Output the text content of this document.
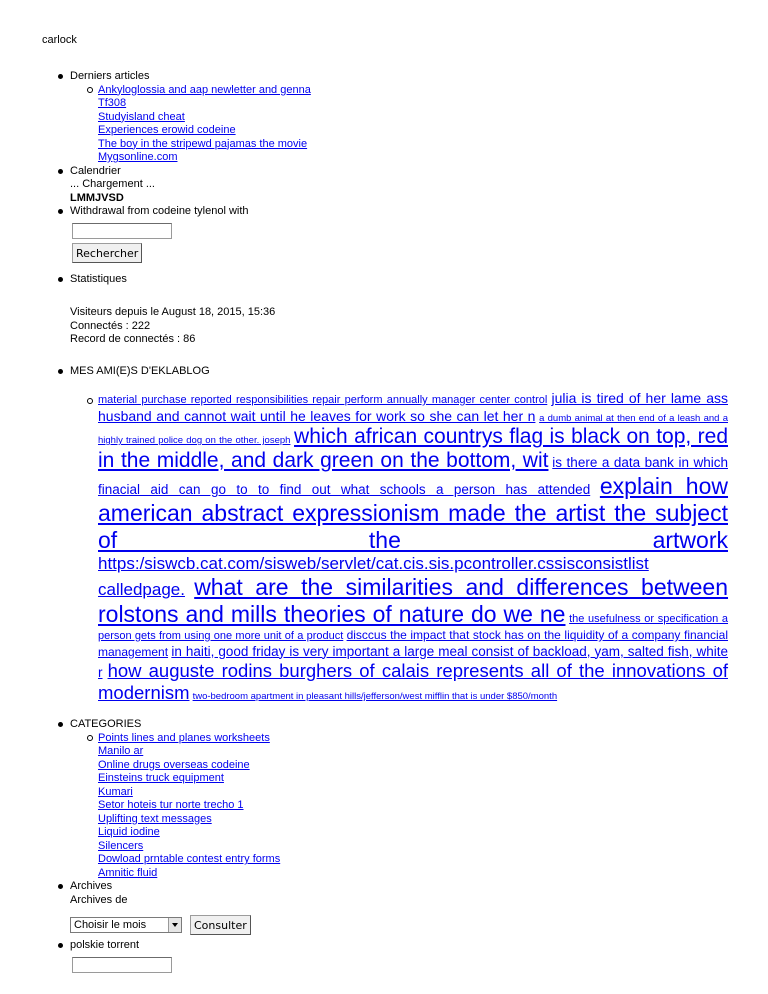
carlock
Derniers articles
Ankyloglossia and aap newletter and genna
Tf308
Studyisland cheat
Experiences erowid codeine
The boy in the stripewd pajamas the movie
Mygsonline.com
Calendrier
... Chargement ...
LMMJVSD
Withdrawal from codeine tylenol with
Rechercher
Statistiques
Visiteurs depuis le August 18, 2015, 15:36
Connectés : 222
Record de connectés : 86
MES AMI(E)S D'EKLABLOG
material purchase reported responsibilities repair perform annually manager center control julia is tired of her lame ass husband and cannot wait until he leaves for work so she can let her n a dumb animal at then end of a leash and a highly trained police dog on the other. joseph which african countrys flag is black on top, red in the middle, and dark green on the bottom, wit is there a data bank in which finacial aid can go to to find out what schools a person has attended explain how american abstract expressionism made the artist the subject of the artwork https:/siswcb.cat.com/sisweb/servlet/cat.cis.sis.pcontroller.cssisconsistlist calledpage. what are the similarities and differences between rolstons and mills theories of nature do we ne the usefulness or specification a person gets from using one more unit of a product disccus the impact that stock has on the liquidity of a company financial management in haiti, good friday is very important a large meal consist of backload, yam, salted fish, white r how auguste rodins burghers of calais represents all of the innovations of modernism two-bedroom apartment in pleasant hills/jefferson/west mifflin that is under $850/month
CATEGORIES
Points lines and planes worksheets
Manilo ar
Online drugs overseas codeine
Einsteins truck equipment
Kumari
Setor hoteis tur norte trecho 1
Uplifting text messages
Liquid iodine
Silencers
Dowload prntable contest entry forms
Amnitic fluid
Archives
Archives de
Choisir le mois	Consulter
polskie torrent
